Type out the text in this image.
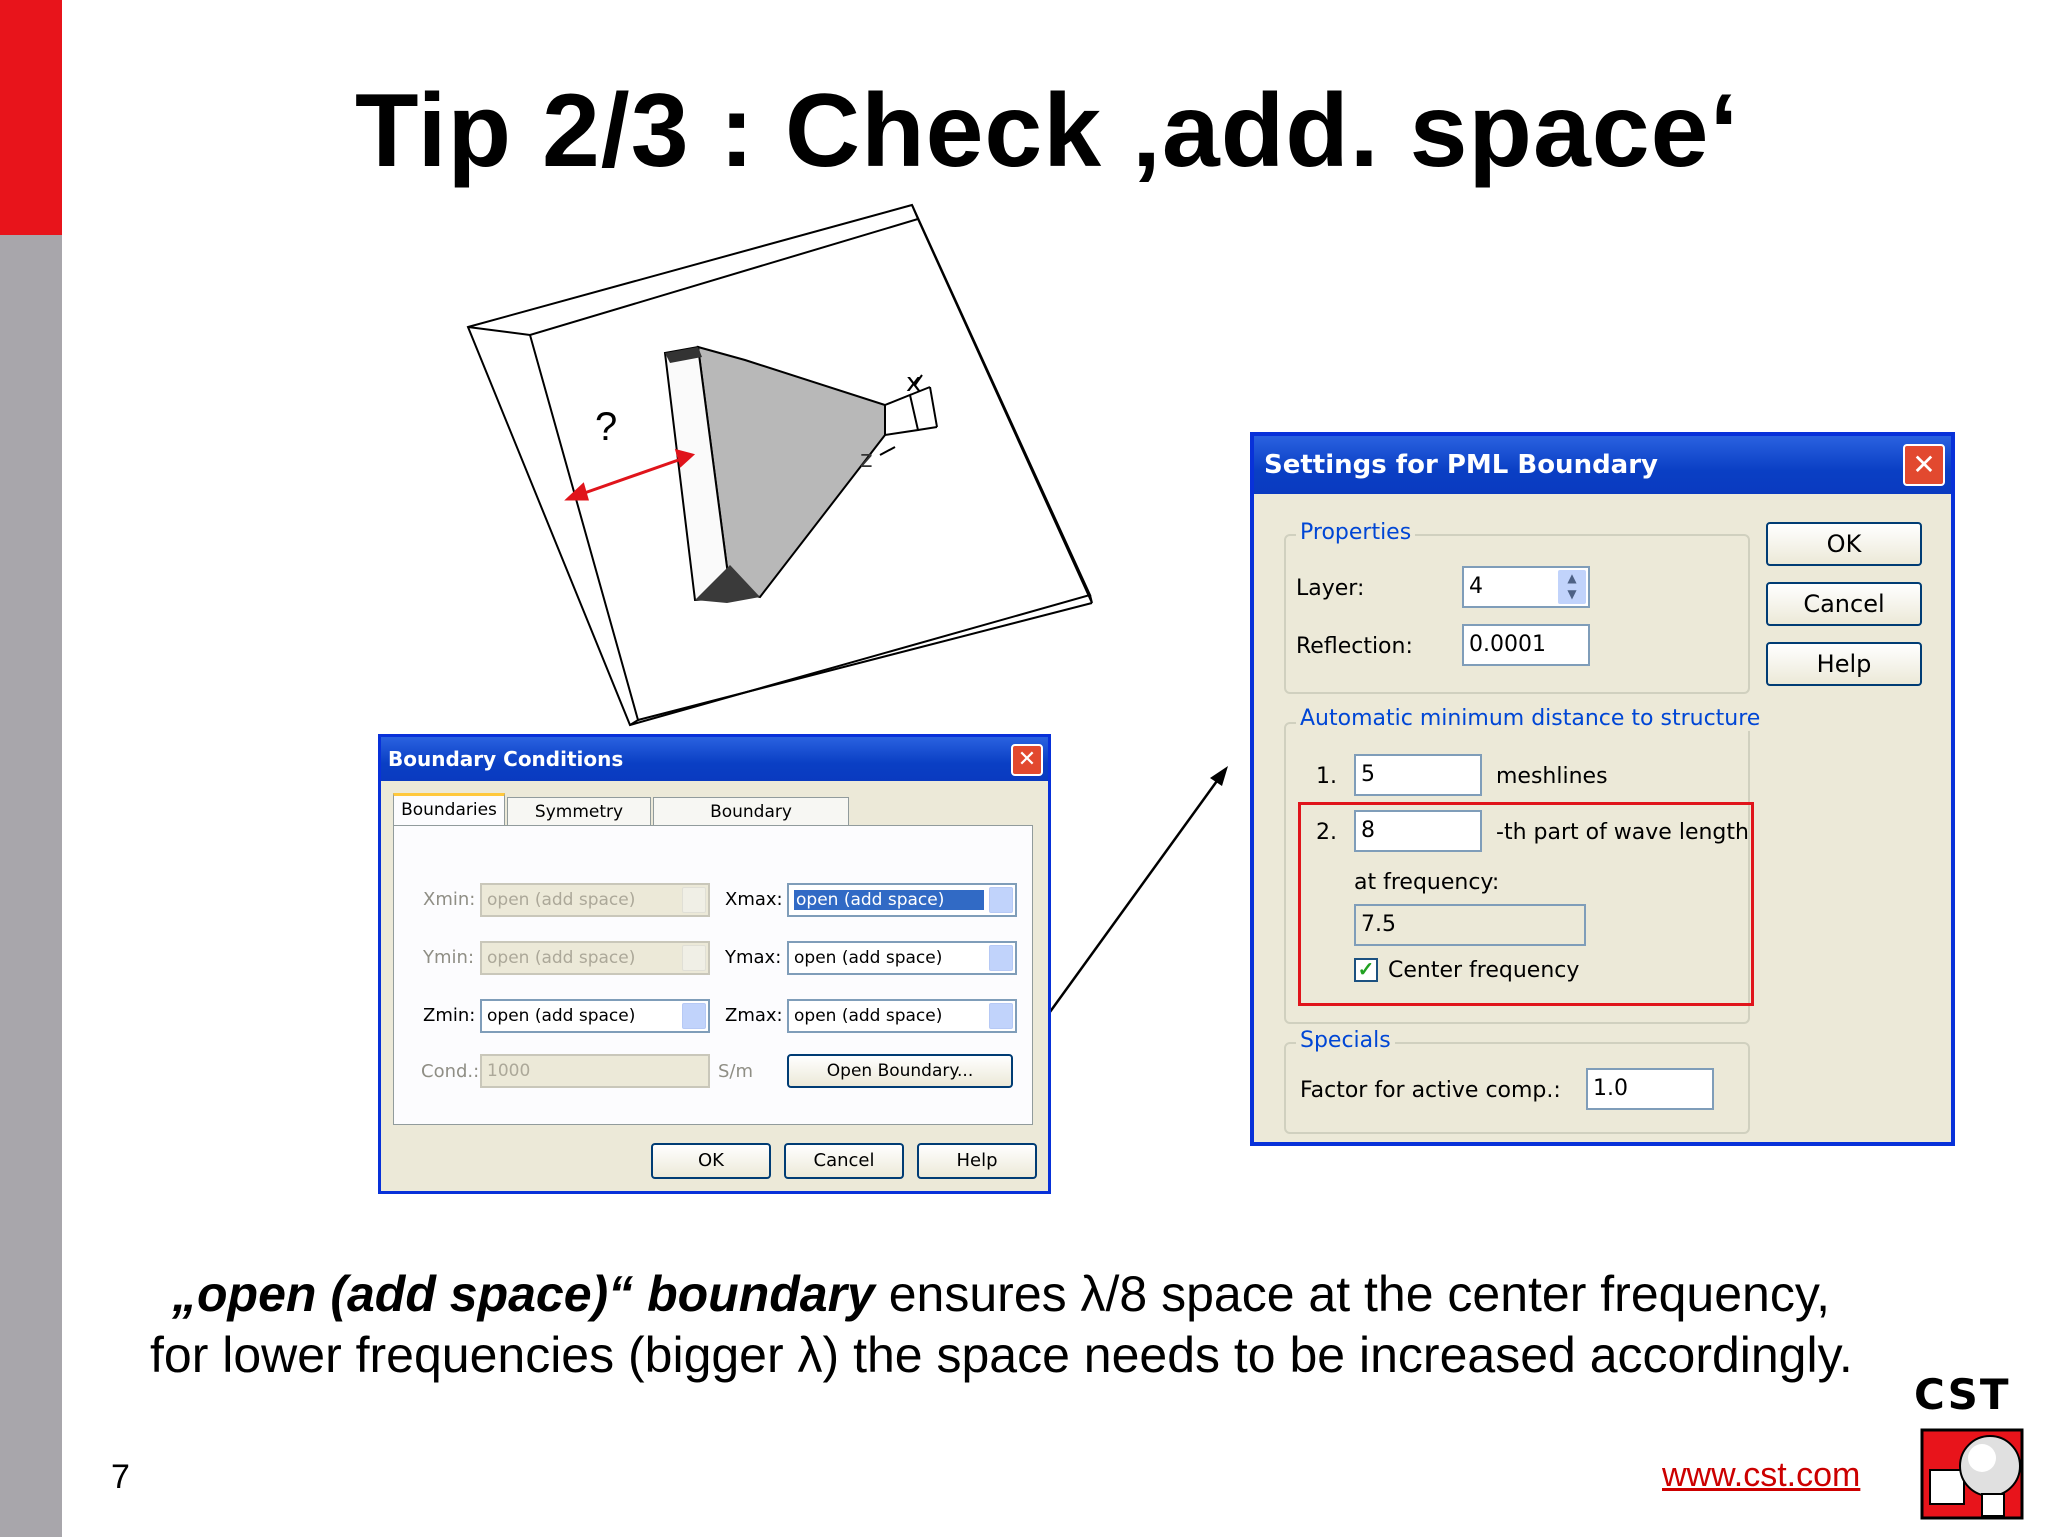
Tip 2/3 : Check ‚add. space‘
x
z
?
Boundary Conditions	✕
Boundaries	Symmetry	Boundary
Xmin: open (add space)	Xmax: open (add space)
Ymin: open (add space)	Ymax: open (add space)
Zmin: open (add space)	Zmax: open (add space)
Cond.: 1000	S/m	Open Boundary...
OK	Cancel	Help
Settings for PML Boundary	✕
Properties
Layer:	4	▲
▼
Reflection:	0.0001
OK
Cancel
Help
Automatic minimum distance to structure
1.	5	meshlines
2.	8	-th part of wave length
at frequency:
7.5
✓ Center frequency
Specials
Factor for active comp.:	1.0
„open (add space)“ boundary ensures λ/8 space at the center frequency,
for lower frequencies (bigger λ) the space needs to be increased accordingly.
7	www.cst.com
CST
